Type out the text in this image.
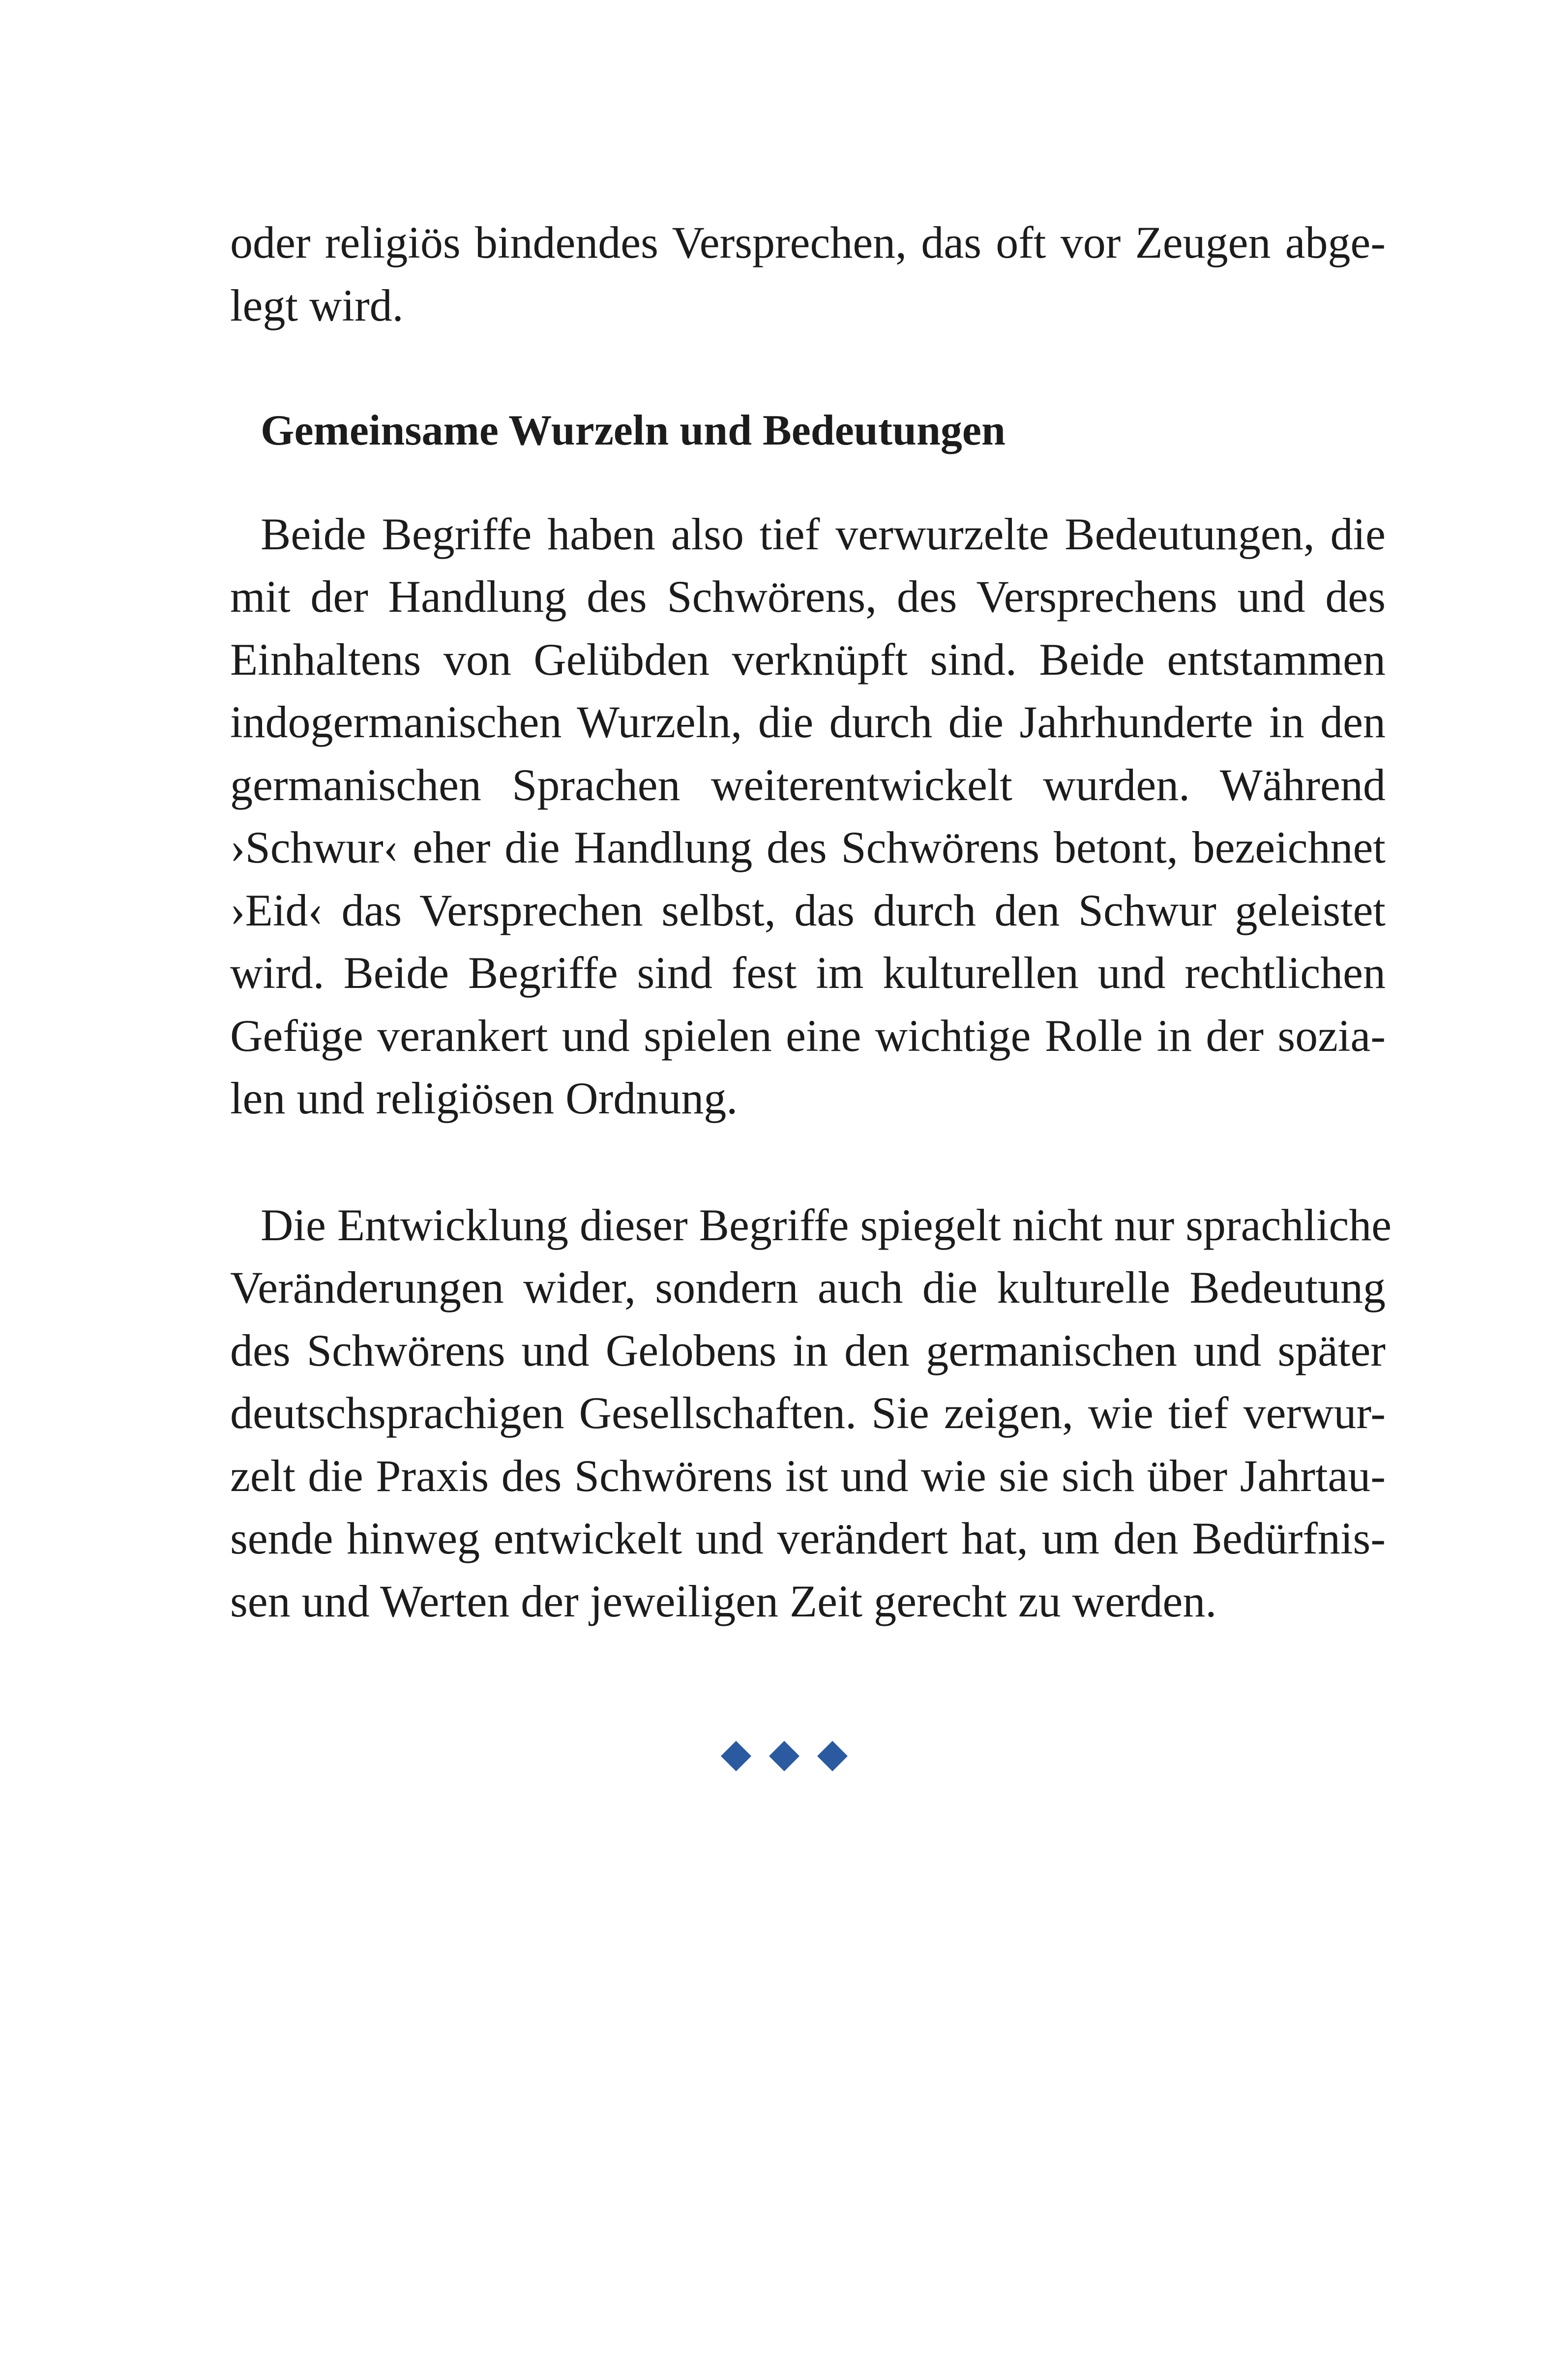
oder religiös bindendes Versprechen, das oft vor Zeugen abge-
legt wird.

Gemeinsame Wurzeln und Bedeutungen

Beide Begriffe haben also tief verwurzelte Bedeutungen, die
mit der Handlung des Schwörens, des Versprechens und des
Einhaltens von Gelübden verknüpft sind. Beide entstammen
indogermanischen Wurzeln, die durch die Jahrhunderte in den
germanischen Sprachen weiterentwickelt wurden. Während
›Schwur‹ eher die Handlung des Schwörens betont, bezeichnet
›Eid‹ das Versprechen selbst, das durch den Schwur geleistet
wird. Beide Begriffe sind fest im kulturellen und rechtlichen
Gefüge verankert und spielen eine wichtige Rolle in der sozia-
len und religiösen Ordnung.

Die Entwicklung dieser Begriffe spiegelt nicht nur sprachliche
Veränderungen wider, sondern auch die kulturelle Bedeutung
des Schwörens und Gelobens in den germanischen und später
deutschsprachigen Gesellschaften. Sie zeigen, wie tief verwur-
zelt die Praxis des Schwörens ist und wie sie sich über Jahrtau-
sende hinweg entwickelt und verändert hat, um den Bedürfnis-
sen und Werten der jeweiligen Zeit gerecht zu werden.
